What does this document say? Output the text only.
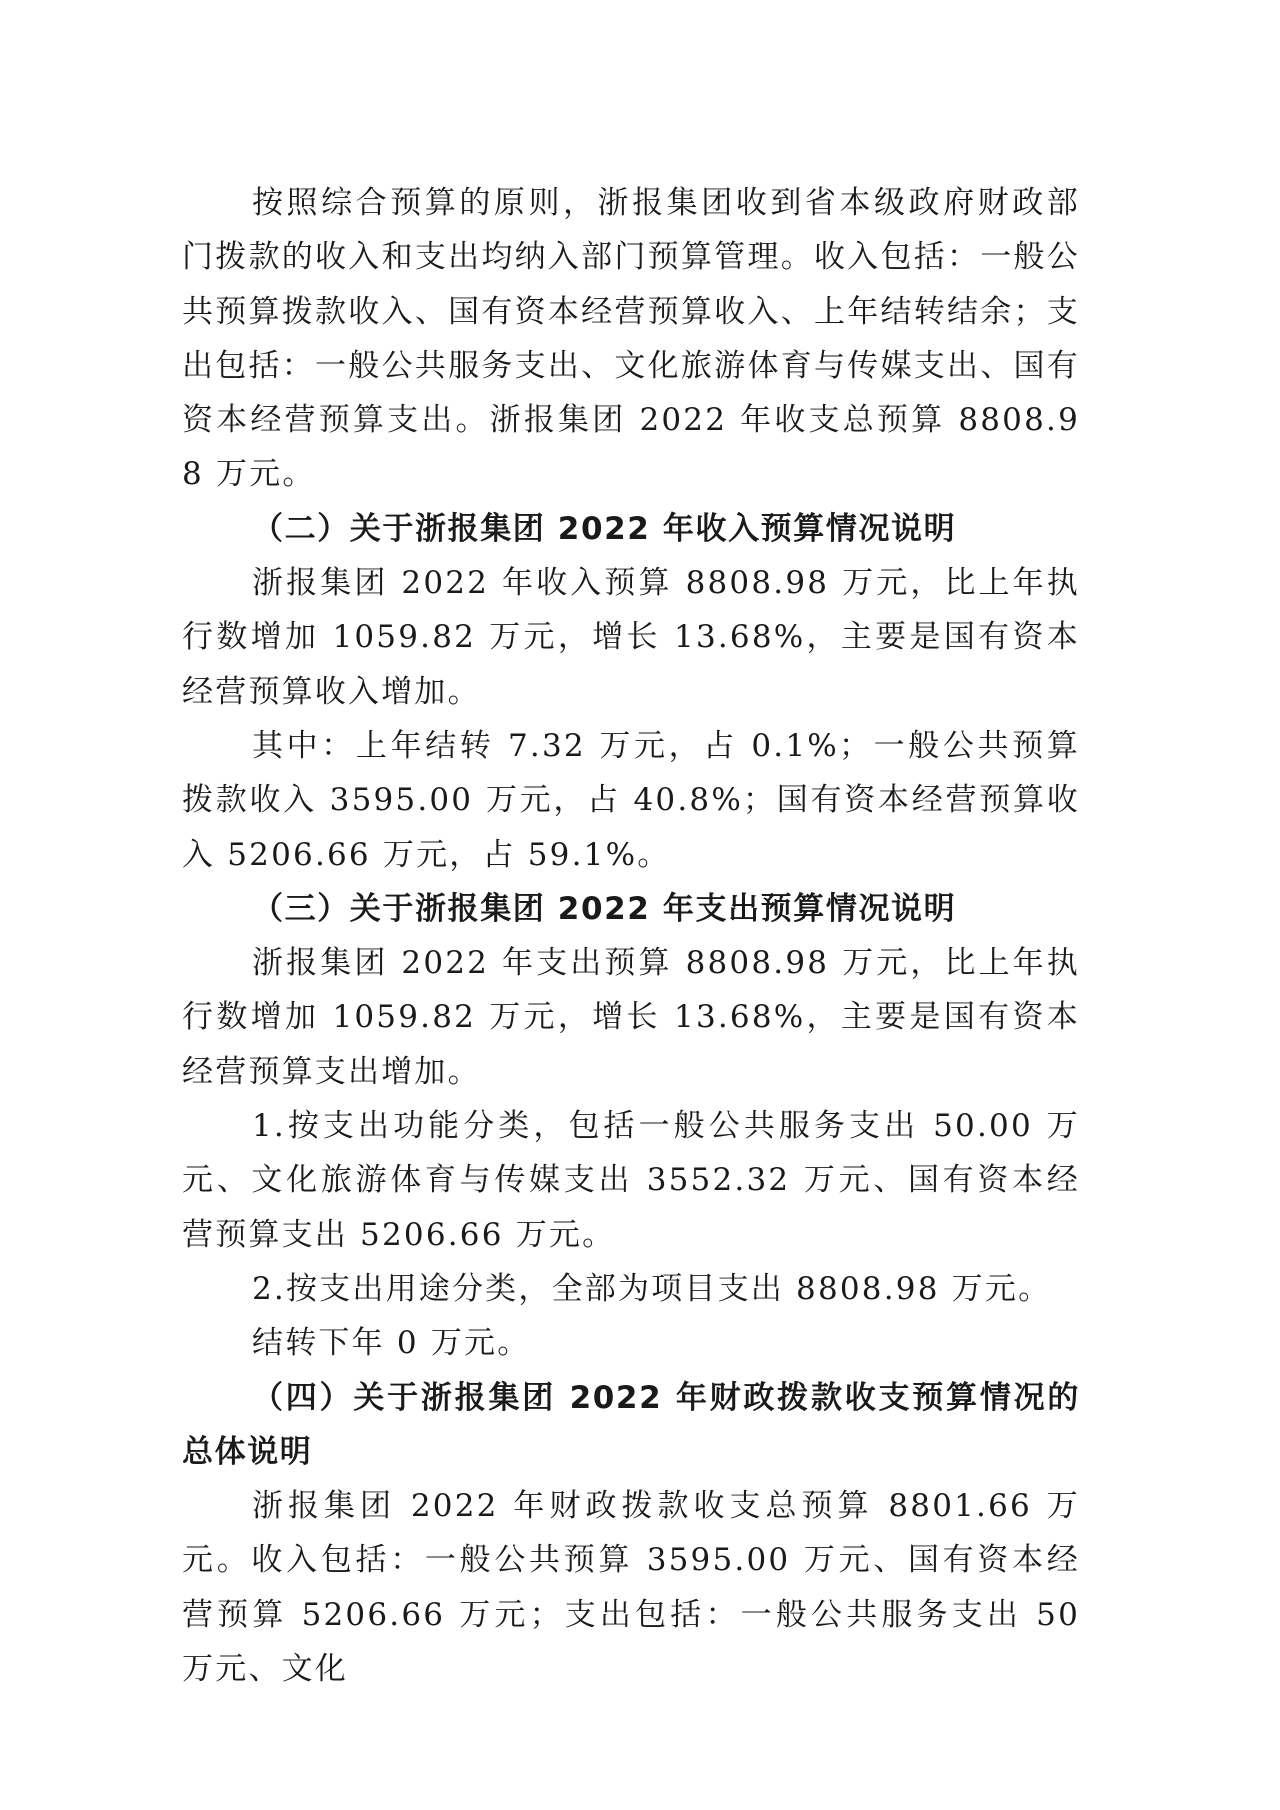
按照综合预算的原则，浙报集团收到省本级政府财政部门拨款的收入和支出均纳入部门预算管理。收入包括：一般公共预算拨款收入、国有资本经营预算收入、上年结转结余；支出包括：一般公共服务支出、文化旅游体育与传媒支出、国有资本经营预算支出。浙报集团 2022 年收支总预算 8808.98 万元。

（二）关于浙报集团 2022 年收入预算情况说明

浙报集团 2022 年收入预算 8808.98 万元，比上年执行数增加 1059.82 万元，增长 13.68%，主要是国有资本经营预算收入增加。

其中：上年结转 7.32 万元，占 0.1%；一般公共预算拨款收入 3595.00 万元，占 40.8%；国有资本经营预算收入 5206.66 万元，占 59.1%。

（三）关于浙报集团 2022 年支出预算情况说明

浙报集团 2022 年支出预算 8808.98 万元，比上年执行数增加 1059.82 万元，增长 13.68%，主要是国有资本经营预算支出增加。

1.按支出功能分类，包括一般公共服务支出 50.00 万元、文化旅游体育与传媒支出 3552.32 万元、国有资本经营预算支出 5206.66 万元。

2.按支出用途分类，全部为项目支出 8808.98 万元。

结转下年 0 万元。

（四）关于浙报集团 2022 年财政拨款收支预算情况的总体说明

浙报集团 2022 年财政拨款收支总预算 8801.66 万元。收入包括：一般公共预算 3595.00 万元、国有资本经营预算 5206.66 万元；支出包括：一般公共服务支出 50 万元、文化
